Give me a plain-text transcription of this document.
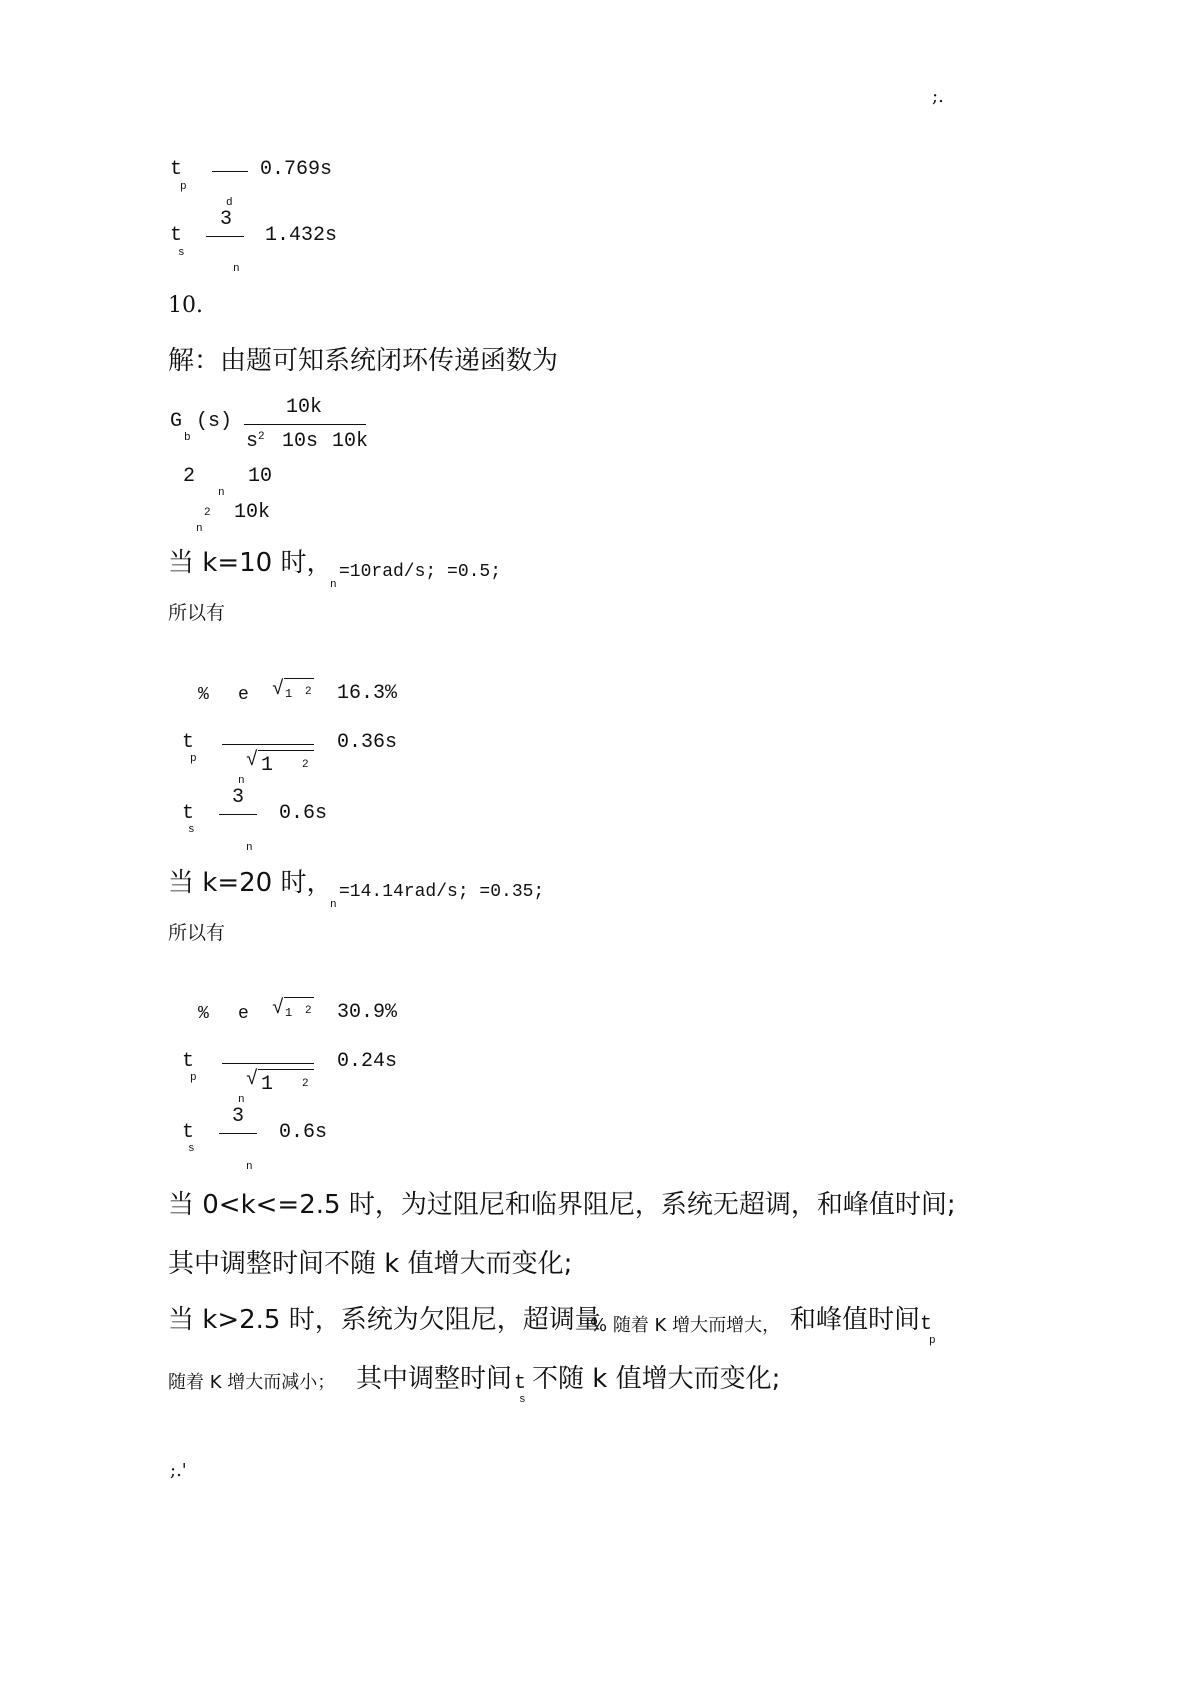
;.
;.'
t
p
d
0.769s
t
s
3
n
1.432s
10.
解：由题可知系统闭环传递函数为
G
b
(s)
10k
s 2 10s 10k
2
n
10
2
n
10k
当 k=10 时，
n
=10rad/s; =0.5;
所以有
% e √ 1 2 16.3%
t
p
n
√ 1	2
0.36s
t
s
3
n
0.6s
当 k=20 时，
n
=14.14rad/s; =0.35;
所以有
% e √ 1 2 30.9%
t
p
n
√ 1	2
0.24s
t
s
3
n
0.6s
当 0<k<=2.5 时，为过阻尼和临界阻尼，系统无超调，和峰值时间;
其中调整时间不随 k 值增大而变化;
当 k>2.5 时，系统为欠阻尼，超调量
% 随着 K 增大而增大， 和峰值时间 t
p
随着 K 增大而减小； 其中调整时间 t
s
不随 k 值增大而变化;
